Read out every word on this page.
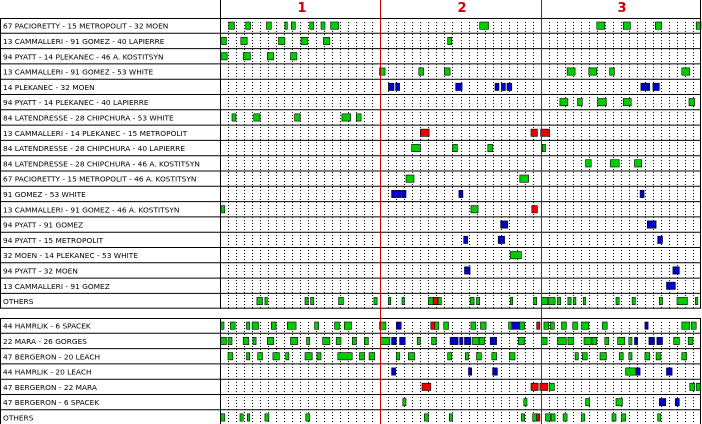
1	2	3
67 PACIORETTY - 15 METROPOLIT - 32 MOEN
13 CAMMALLERI - 91 GOMEZ - 40 LAPIERRE
94 PYATT - 14 PLEKANEC - 46 A. KOSTITSYN
13 CAMMALLERI - 91 GOMEZ - 53 WHITE
14 PLEKANEC - 32 MOEN
94 PYATT - 14 PLEKANEC - 40 LAPIERRE
84 LATENDRESSE - 28 CHIPCHURA - 53 WHITE
13 CAMMALLERI - 14 PLEKANEC - 15 METROPOLIT
84 LATENDRESSE - 28 CHIPCHURA - 40 LAPIERRE
84 LATENDRESSE - 28 CHIPCHURA - 46 A. KOSTITSYN
67 PACIORETTY - 15 METROPOLIT - 46 A. KOSTITSYN
91 GOMEZ - 53 WHITE
13 CAMMALLERI - 91 GOMEZ - 46 A. KOSTITSYN
94 PYATT - 91 GOMEZ
94 PYATT - 15 METROPOLIT
32 MOEN - 14 PLEKANEC - 53 WHITE
94 PYATT - 32 MOEN
13 CAMMALLERI - 91 GOMEZ
OTHERS
44 HAMRLIK - 6 SPACEK
22 MARA - 26 GORGES
47 BERGERON - 20 LEACH
44 HAMRLIK - 20 LEACH
47 BERGERON - 22 MARA
47 BERGERON - 6 SPACEK
OTHERS
